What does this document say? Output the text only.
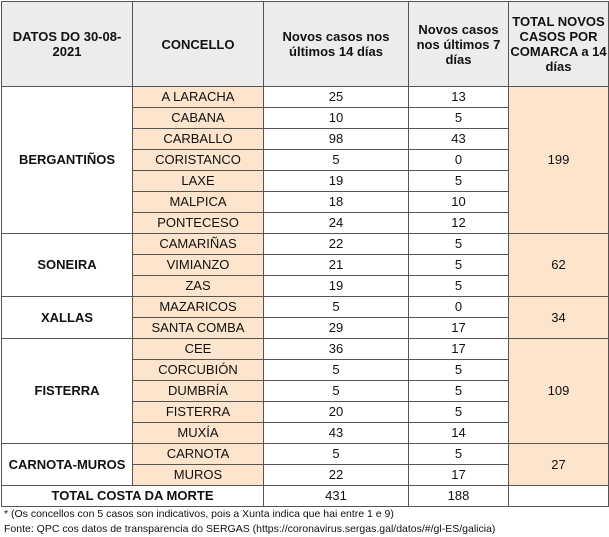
DATOS DO 30-08-2021	CONCELLO	Novos casos nos últimos 14 días	Novos casos nos últimos 7 días	TOTAL NOVOS CASOS POR COMARCA a 14 días
BERGANTIÑOS	A LARACHA	25	13	199
	CABANA	10	5	
	CARBALLO	98	43	
	CORISTANCO	5	0	
	LAXE	19	5	
	MALPICA	18	10	
	PONTECESO	24	12	
SONEIRA	CAMARIÑAS	22	5	62
	VIMIANZO	21	5	
	ZAS	19	5	
XALLAS	MAZARICOS	5	0	34
	SANTA COMBA	29	17	
FISTERRA	CEE	36	17	109
	CORCUBIÓN	5	5	
	DUMBRÍA	5	5	
	FISTERRA	20	5	
	MUXÍA	43	14	
CARNOTA-MUROS	CARNOTA	5	5	27
	MUROS	22	17	
TOTAL COSTA DA MORTE		431	188	
* (Os concellos con 5 casos son indicativos, pois a Xunta indica que hai entre 1 e 9)
Fonte: QPC cos datos de transparencia do SERGAS (https://coronavirus.sergas.gal/datos/#/gl-ES/galicia)
